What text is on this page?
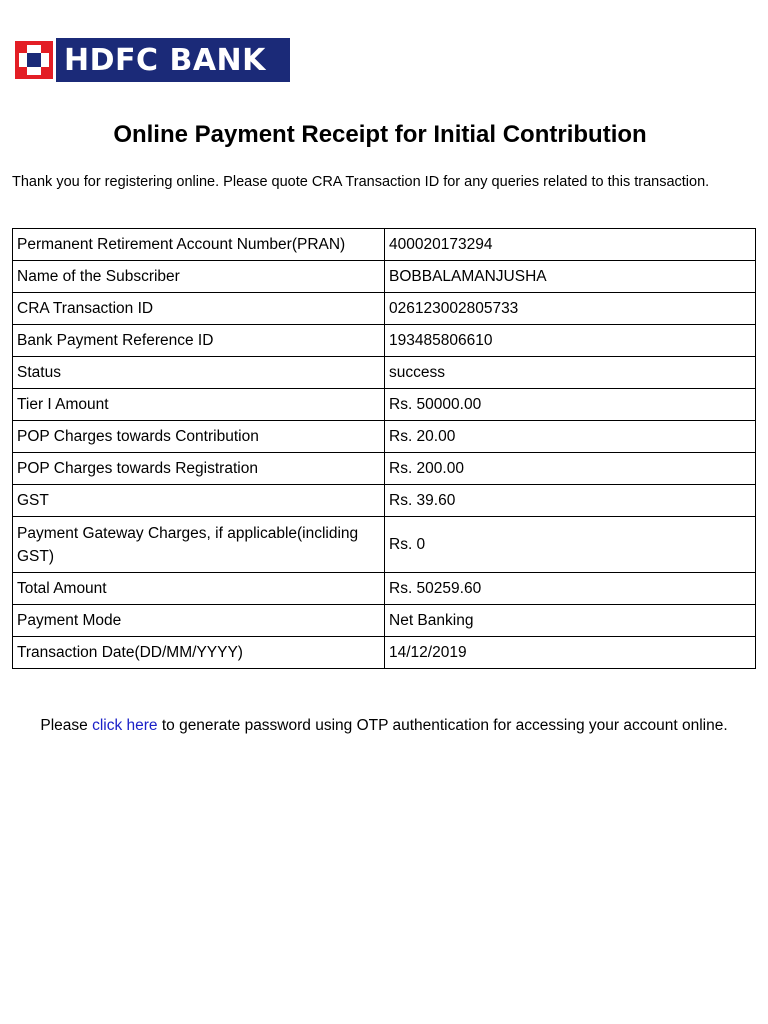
HDFC BANK
Online Payment Receipt for Initial Contribution

Thank you for registering online. Please quote CRA Transaction ID for any queries related to this transaction.

Permanent Retirement Account Number(PRAN)	400020173294
Name of the Subscriber	BOBBALAMANJUSHA
CRA Transaction ID	026123002805733
Bank Payment Reference ID	193485806610
Status	success
Tier I Amount	Rs. 50000.00
POP Charges towards Contribution	Rs. 20.00
POP Charges towards Registration	Rs. 200.00
GST	Rs. 39.60
Payment Gateway Charges, if applicable(incliding GST)	Rs. 0
Total Amount	Rs. 50259.60
Payment Mode	Net Banking
Transaction Date(DD/MM/YYYY)	14/12/2019

Please click here to generate password using OTP authentication for accessing your account online.
